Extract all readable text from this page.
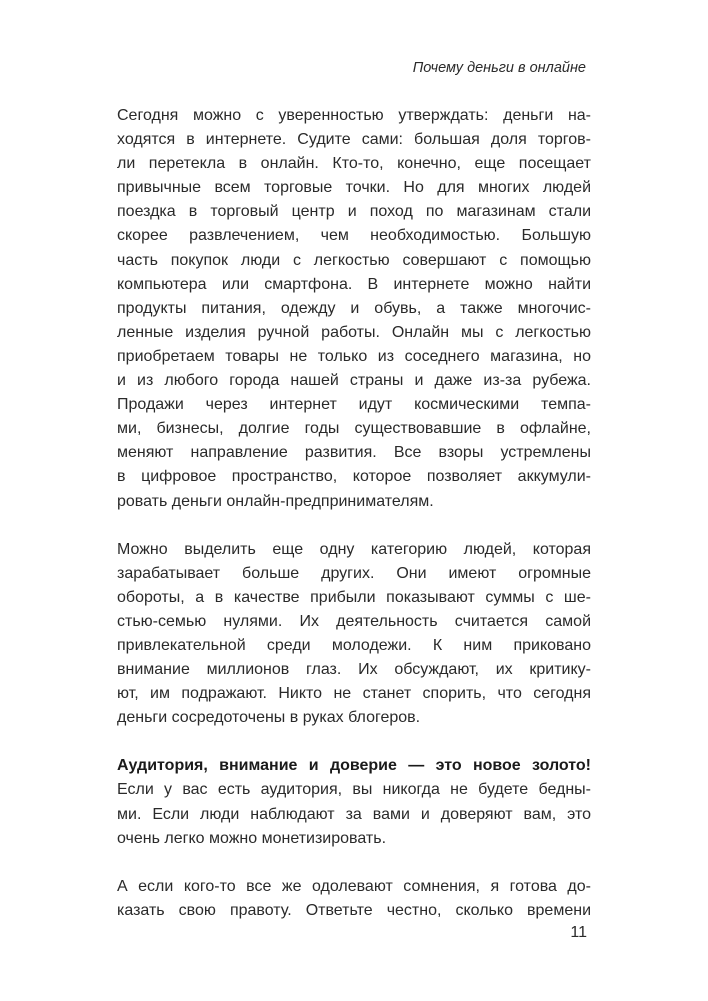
Почему деньги в онлайне

Сегодня можно с уверенностью утверждать: деньги на-
ходятся в интернете. Судите сами: большая доля торгов-
ли перетекла в онлайн. Кто-то, конечно, еще посещает
привычные всем торговые точки. Но для многих людей
поездка в торговый центр и поход по магазинам стали
скорее развлечением, чем необходимостью. Большую
часть покупок люди с легкостью совершают с помощью
компьютера или смартфона. В интернете можно найти
продукты питания, одежду и обувь, а также многочис-
ленные изделия ручной работы. Онлайн мы с легкостью
приобретаем товары не только из соседнего магазина, но
и из любого города нашей страны и даже из-за рубежа.
Продажи через интернет идут космическими темпа-
ми, бизнесы, долгие годы существовавшие в офлайне,
меняют направление развития. Все взоры устремлены
в цифровое пространство, которое позволяет аккумули-
ровать деньги онлайн-предпринимателям.

Можно выделить еще одну категорию людей, которая
зарабатывает больше других. Они имеют огромные
обороты, а в качестве прибыли показывают суммы с ше-
стью-семью нулями. Их деятельность считается самой
привлекательной среди молодежи. К ним приковано
внимание миллионов глаз. Их обсуждают, их критику-
ют, им подражают. Никто не станет спорить, что сегодня
деньги сосредоточены в руках блогеров.

Аудитория, внимание и доверие — это новое золото!
Если у вас есть аудитория, вы никогда не будете бедны-
ми. Если люди наблюдают за вами и доверяют вам, это
очень легко можно монетизировать.

А если кого-то все же одолевают сомнения, я готова до-
казать свою правоту. Ответьте честно, сколько времени

11
